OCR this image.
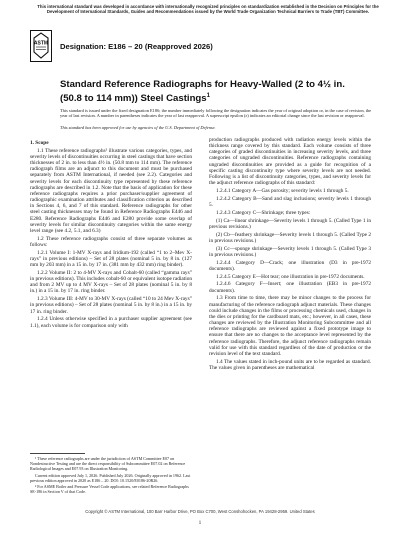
This international standard was developed in accordance with internationally recognized principles on standardization established in the Decision on Principles for the Development of International Standards, Guides and Recommendations issued by the World Trade Organization Technical Barriers to Trade (TBT) Committee.
ASTM Designation: E186 – 20 (Reapproved 2026)
Standard Reference Radiographs for Heavy-Walled (2 to 4½ in. (50.8 to 114 mm)) Steel Castings$^1$
This standard is issued under the fixed designation E186; the number immediately following the designation indicates the year of original adoption or, in the case of revision, the year of last revision. A number in parentheses indicates the year of last reapproval. A superscript epsilon (ε) indicates an editorial change since the last revision or reapproval.
This standard has been approved for use by agencies of the U.S. Department of Defense.

1. Scope

1.1 These reference radiographs² illustrate various categories, types, and severity levels of discontinuities occurring in steel castings that have section thicknesses of 2 in. to less than 4½ in. (50.8 mm to 114 mm). The reference radiograph films are an adjunct to this document and must be purchased separately from ASTM International, if needed (see 2.2). Categories and severity levels for each discontinuity type represented by these reference radiographs are described in 1.2. Note that the basis of application for these reference radiographs requires a prior purchaser/supplier agreement of radiographic examination attributes and classification criterion as described in Sections 4, 6, and 7 of this standard. Reference radiographs for other steel casting thicknesses may be found in Reference Radiographs E446 and E280. Reference Radiographs E446 and E280 provide some overlap of severity levels for similar discontinuity categories within the same energy level range (see 4.2, 5.1, and 6.3)

1.2 These reference radiographs consist of three separate volumes as follows:

1.2.1 Volume I: 1-MV X-rays and Iridium-192 (called “1 to 2–Mev X-rays” in previous editions) – Set of 28 plates (nominal 5 in. by 8 in. (127 mm by 203 mm) in a 15 in. by 17 in. (381 mm by 432 mm) ring binder).

1.2.2 Volume II: 2 to 4-MV X-rays and Cobalt-60 (called “gamma rays” in previous editions). This includes cobalt-60 or equivalent isotope radiation and from 2 MV up to 4 MV X-rays – Set of 28 plates (nominal 5 in. by 8 in.) in a 15 in. by 17 in. ring binder.

1.2.3 Volume III: 4-MV to 30-MV X-rays (called “10 to 24 Mev X-rays” in previous editions) – Set of 28 plates (nominal 5 in. by 8 in.) in a 15 in. by 17 in. ring binder.

1.2.4 Unless otherwise specified in a purchaser supplier agreement (see 1.1), each volume is for comparison only with

¹ These reference radiographs are under the jurisdiction of ASTM Committee E07 on Nondestructive Testing and are the direct responsibility of Subcommittee E07.02 on Reference Radiological Images and E07.93 on Illustration Monitoring.

Current edition approved July 1, 2026. Published July 2026. Originally approved in 1962. Last previous edition approved in 2020 as E186 – 20. DOI: 10.1520/E0186-20R26.

² For ASME Boiler and Pressure Vessel Code applications, see related Reference Radiographs SE-186 in Section V of that Code.

production radiographs produced with radiation energy levels within the thickness range covered by this standard. Each volume consists of three categories of graded discontinuities in increasing severity levels, and three categories of ungraded discontinuities. Reference radiographs containing ungraded discontinuities are provided as a guide for recognition of a specific casting discontinuity type where severity levels are not needed. Following is a list of discontinuity categories, types, and severity levels for the adjunct reference radiographs of this standard:

1.2.4.1 Category A—Gas porosity; severity levels 1 through 5.

1.2.4.2 Category B—Sand and slag inclusions; severity levels 1 through 5.

1.2.4.3 Category C—Shrinkage; three types:

(1) Ca—linear shrinkage—Severity levels 1 through 5. (Called Type 1 in previous revisions.)

(2) Cb—feathery shrinkage—Severity levels 1 through 5. (Called Type 2 in previous revisions.)

(3) Cc—sponge shrinkage—Severity levels 1 through 5. (Called Type 3 in previous revisions.)

1.2.4.4 Category D—Crack; one illustration (D3 in pre-1972 documents).

1.2.4.5 Category E—Hot tear; one illustration in pre-1972 documents.

1.2.4.6 Category F—Insert; one illustration (EB3 in pre-1972 documents).

1.3 From time to time, there may be minor changes to the process for manufacturing of the reference radiograph adjunct materials. These changes could include changes in the films or processing chemicals used, changes in the dies or printing for the cardboard mats, etc.; however, in all cases, these changes are reviewed by the Illustration Monitoring Subcommittee and all reference radiographs are reviewed against a fixed prototype image to ensure that there are no changes to the acceptance level represented by the reference radiographs. Therefore, the adjunct reference radiographs remain valid for use with this standard regardless of the date of production or the revision level of the text standard.

1.4 The values stated in inch-pound units are to be regarded as standard. The values given in parentheses are mathematical

Copyright © ASTM International, 100 Barr Harbor Drive, PO Box C700, West Conshohocken, PA 19428-2959. United States
1
